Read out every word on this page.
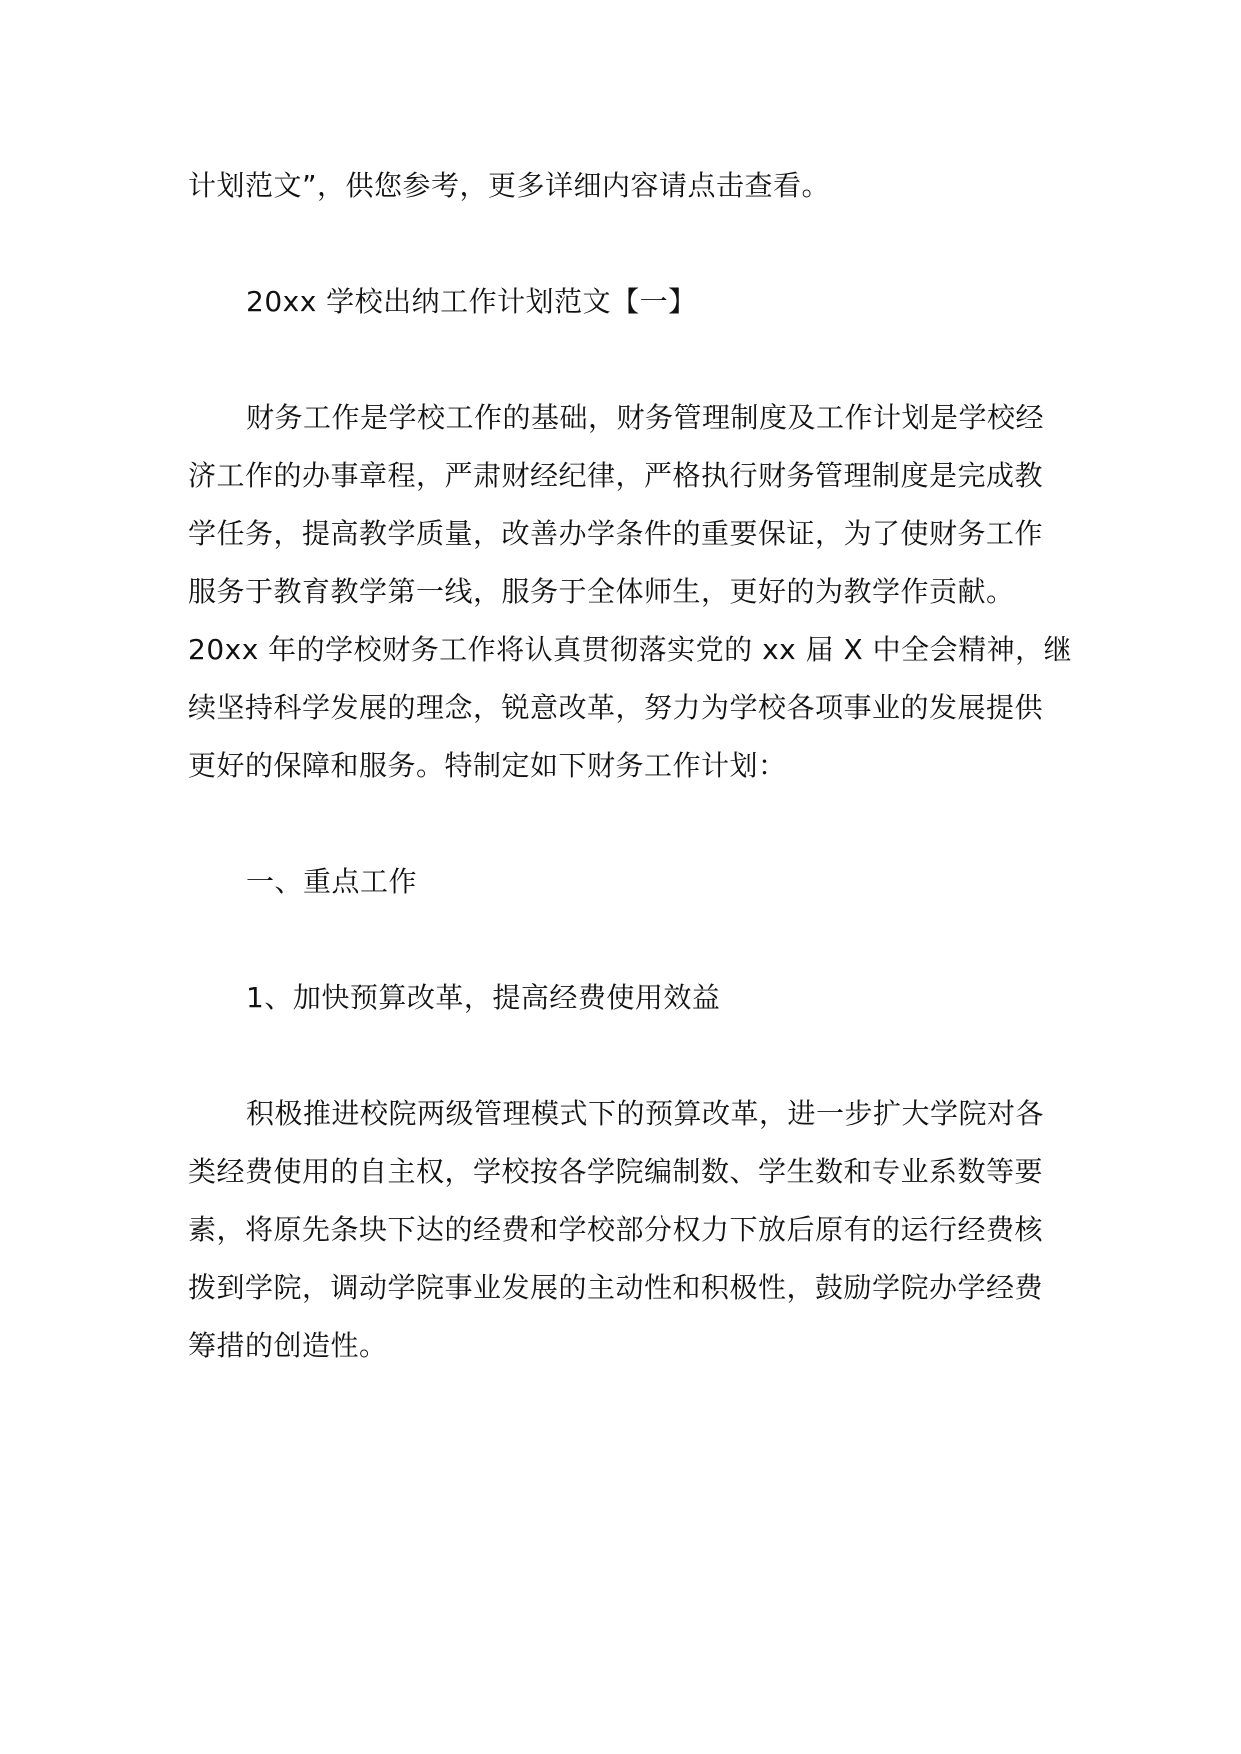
计划范文”，供您参考，更多详细内容请点击查看。
20xx 学校出纳工作计划范文【一】
财务工作是学校工作的基础，财务管理制度及工作计划是学校经
济工作的办事章程，严肃财经纪律，严格执行财务管理制度是完成教
学任务，提高教学质量，改善办学条件的重要保证，为了使财务工作
服务于教育教学第一线，服务于全体师生，更好的为教学作贡献。
20xx 年的学校财务工作将认真贯彻落实党的 xx 届 X 中全会精神，继
续坚持科学发展的理念，锐意改革，努力为学校各项事业的发展提供
更好的保障和服务。特制定如下财务工作计划：
一、重点工作
1、加快预算改革，提高经费使用效益
积极推进校院两级管理模式下的预算改革，进一步扩大学院对各
类经费使用的自主权，学校按各学院编制数、学生数和专业系数等要
素，将原先条块下达的经费和学校部分权力下放后原有的运行经费核
拨到学院，调动学院事业发展的主动性和积极性，鼓励学院办学经费
筹措的创造性。
